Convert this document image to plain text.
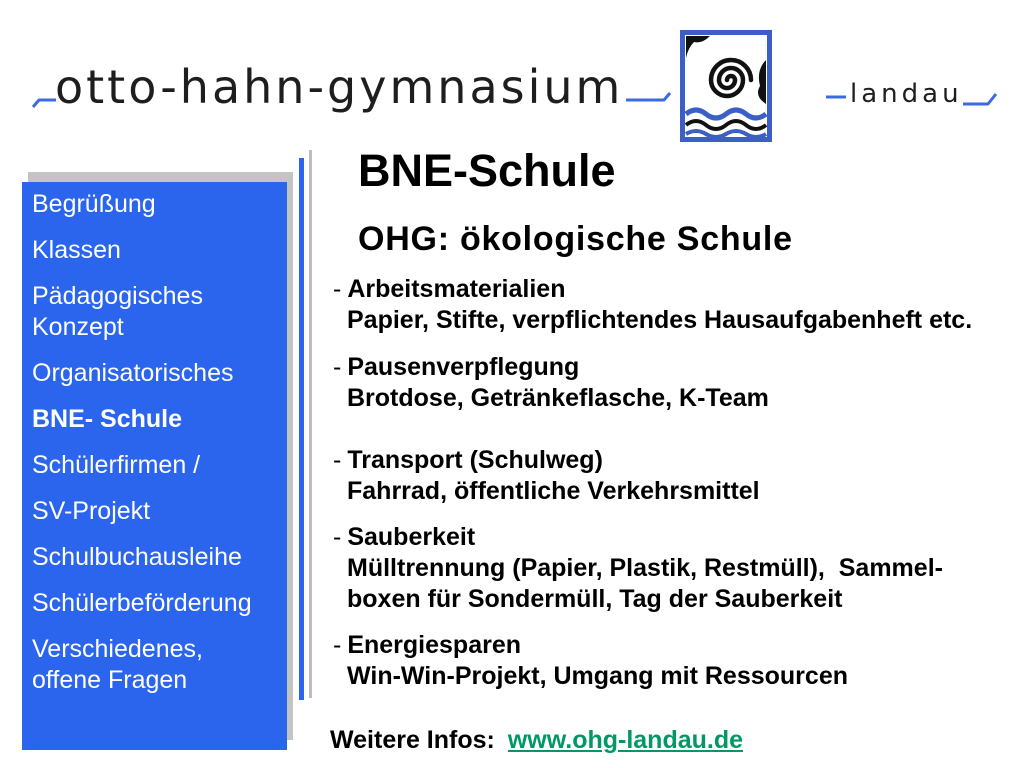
otto-hahn-gymnasium	landau
Begrüßung
Klassen
Pädagogisches
Konzept
Organisatorisches
BNE- Schule
Schülerfirmen /
SV-Projekt
Schulbuchausleihe
Schülerbeförderung
Verschiedenes,
offene Fragen
BNE-Schule
OHG: ökologische Schule
- Arbeitsmaterialien
Papier, Stifte, verpflichtendes Hausaufgabenheft etc.
- Pausenverpflegung
Brotdose, Getränkeflasche, K-Team
- Transport (Schulweg)
Fahrrad, öffentliche Verkehrsmittel
- Sauberkeit
Mülltrennung (Papier, Plastik, Restmüll),  Sammel-
boxen für Sondermüll, Tag der Sauberkeit
- Energiesparen
Win-Win-Projekt, Umgang mit Ressourcen
Weitere Infos: www.ohg-landau.de
